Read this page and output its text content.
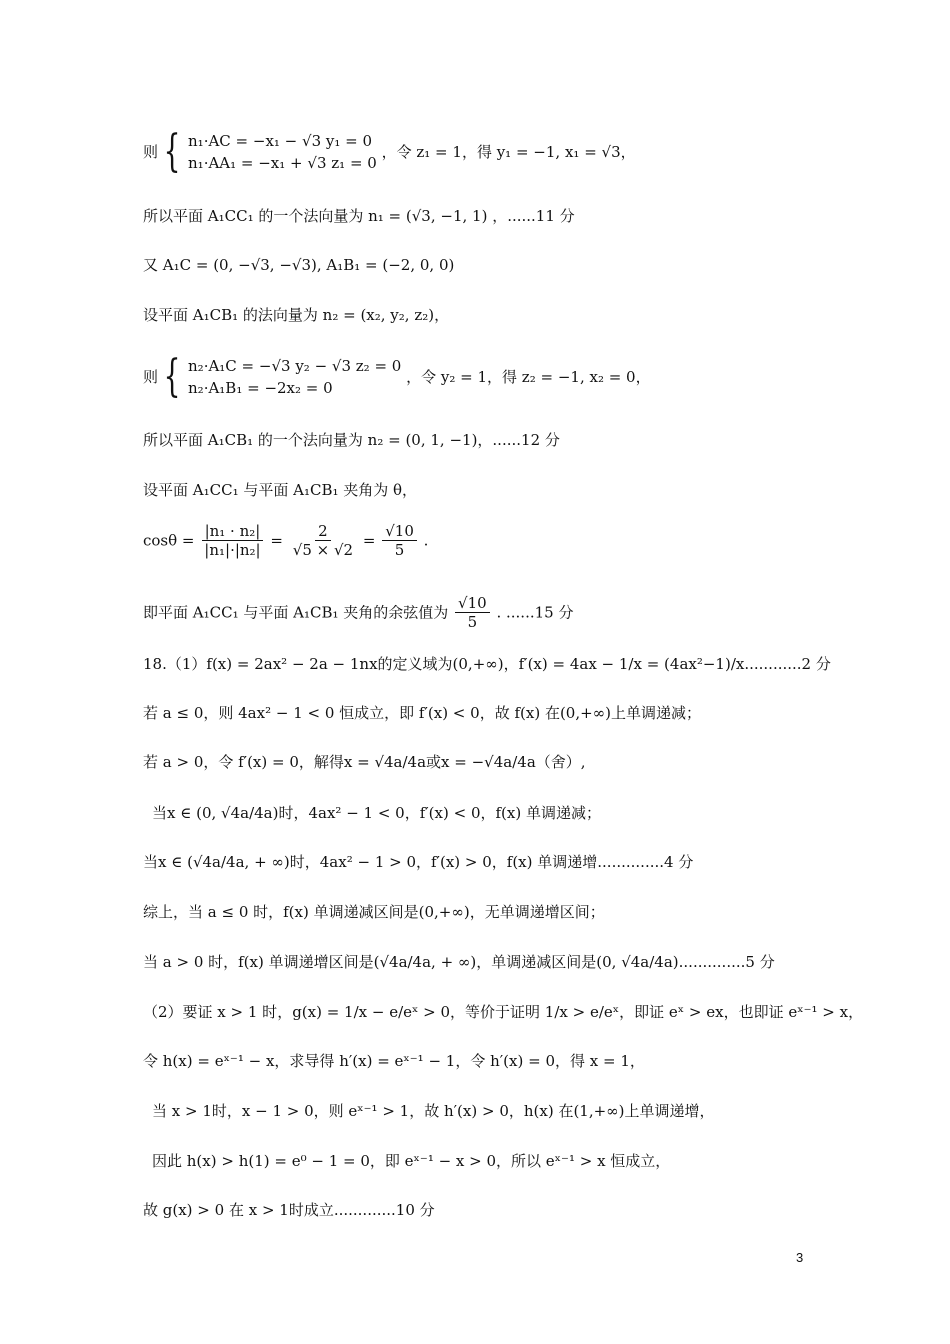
则 { n₁·AC = −x₁ − √3 y₁ = 0
n₁·AA₁ = −x₁ + √3 z₁ = 0
，令 z₁ = 1，得 y₁ = −1, x₁ = √3，
所以平面 A₁CC₁ 的一个法向量为 n₁ = (√3, −1, 1) ，......11 分
又 A₁C = (0, −√3, −√3), A₁B₁ = (−2, 0, 0)
设平面 A₁CB₁ 的法向量为 n₂ = (x₂, y₂, z₂)，
则 { n₂·A₁C = −√3 y₂ − √3 z₂ = 0
n₂·A₁B₁ = −2x₂ = 0
，令 y₂ = 1，得 z₂ = −1, x₂ = 0，
所以平面 A₁CB₁ 的一个法向量为 n₂ = (0, 1, −1)，......12 分
设平面 A₁CC₁ 与平面 A₁CB₁ 夹角为 θ，
$\cos\theta = \frac{\text{|n₁ · n₂|}}{\text{|n₁|·|n₂|}} = \frac{2}{√5 \times √2} = \frac{√10}{5}$ .
即平面 A₁CC₁ 与平面 A₁CB₁ 夹角的余弦值为 $\frac{√10}{5}$ . ......15 分
18.（1）f(x) = 2ax² − 2a − 1nx的定义域为(0,+∞)，f′(x) = 4ax − 1/x = (4ax²−1)/x............2 分
若 a ≤ 0，则 4ax² − 1 < 0 恒成立，即 f′(x) < 0，故 f(x) 在(0,+∞)上单调递减；
若 a > 0，令 f′(x) = 0，解得x = √4a/4a或x = −√4a/4a（舍）,
当x ∈ (0, √4a/4a)时，4ax² − 1 < 0，f′(x) < 0，f(x) 单调递减；
当x ∈ (√4a/4a, + ∞)时，4ax² − 1 > 0，f′(x) > 0，f(x) 单调递增..............4 分
综上，当 a ≤ 0 时，f(x) 单调递减区间是(0,+∞)，无单调递增区间；
当 a > 0 时，f(x) 单调递增区间是(√4a/4a, + ∞)，单调递减区间是(0, √4a/4a)..............5 分
（2）要证 x > 1 时，g(x) = 1/x − e/eˣ > 0，等价于证明 1/x > e/eˣ，即证 eˣ > ex，也即证 eˣ⁻¹ > x，
令 h(x) = eˣ⁻¹ − x，求导得 h′(x) = eˣ⁻¹ − 1，令 h′(x) = 0，得 x = 1，
当 x > 1时，x − 1 > 0，则 eˣ⁻¹ > 1，故 h′(x) > 0，h(x) 在(1,+∞)上单调递增，
因此 h(x) > h(1) = e⁰ − 1 = 0，即 eˣ⁻¹ − x > 0，所以 eˣ⁻¹ > x 恒成立，
故 g(x) > 0 在 x > 1时成立.............10 分
3
